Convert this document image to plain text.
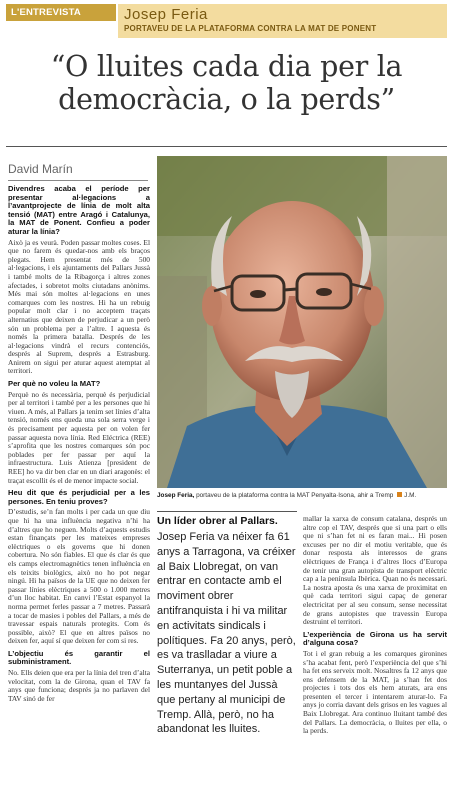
L'ENTREVISTA	Josep Feria
PORTAVEU DE LA PLATAFORMA CONTRA LA MAT DE PONENT
“O lluites cada dia per la democràcia, o la perds”
David Marín

Divendres acaba el període per presentar al·legacions a l’avantprojecte de línia de molt alta tensió (MAT) entre Aragó i Catalunya, la MAT de Ponent. Confieu a poder aturar la línia?

Això ja es veurà. Poden passar moltes coses. El que no farem és quedar-nos amb els braços plegats. Hem presentat més de 500 al·legacions, i els ajuntaments del Pallars Jussà i també molts de la Ribagorça i altres zones afectades, i sobretot molts ciutadans anònims. Més mai són moltes al·legacions en unes comarques com les nostres. Hi ha un rebuig popular molt clar i no acceptem traçats alternatius que deixen de perjudicar a un però són un problema per a l’altre. I aquesta és només la primera batalla. Després de les al·legacions vindrà el recurs contenciós, després al Suprem, després a Estrasburg. Anirem on sigui per aturar aquest atemptat al territori.

Per què no voleu la MAT?

Perquè no és necessària, perquè és perjudicial per al territori i també per a les persones que hi viuen. A més, al Pallars ja tenim set línies d’alta tensió, només ens queda una sola serra verge i és precisament per aquesta per on volen fer passar aquesta nova línia. Red Eléctrica (REE) s’aprofita que les nostres comarques són poc poblades per fer passar per aquí la infraestructura. Luis Atienza [president de REE] ho va dir ben clar en un diari aragonès: el traçat escollit és el de menor impacte social.

Heu dit que és perjudicial per a les persones. En teniu proves?

D’estudis, se’n fan molts i per cada un que diu que hi ha una influència negativa n’hi ha d’altres que ho neguen. Molts d’aquests estudis estan finançats per les mateixes empreses elèctriques o els governs que hi donen cobertura. No són fiables. El que és clar és que els camps electromagnètics tenen influència en els teixits biològics, això no ho pot negar ningú. Hi ha països de la UE que no deixen fer passar línies elèctriques a 500 o 1.000 metres d’un lloc habitat. En canvi l’Estat espanyol la norma permet ferles passar a 7 metres. Passarà a tocar de masies i pobles del Pallars, a més de travessar espais naturals protegits. Com és possible, això? El que en altres països no deixen fer, aquí sí que deixen fer com si res.

L’objectiu és garantir el subministrament.

No. Ells deien que era per la línia del tren d’alta velocitat, com la de Girona, quan el TAV fa anys que funciona; després ja no parlaven del TAV sinó de fer

Josep Feria, portaveu de la plataforma contra la MAT Penyalta·Isona, ahir a Tremp J.M.
Un líder obrer al Pallars.
Josep Feria va néixer fa 61 anys a Tarragona, va créixer al Baix Llobregat, on van entrar en contacte amb el moviment obrer antifranquista i hi va militar en activitats sindicals i polítiques. Fa 20 anys, però, es va traslladar a viure a Suterranya, un petit poble a les muntanyes del Jussà que pertany al municipi de Tremp. Allà, però, no ha abandonat les lluites.

mallar la xarxa de consum catalana, després un altre cop el TAV, després que si una part o ells que ni s’han fet ni es faran mai... Hi posen excuses per no dir el motiu veritable, que és donar resposta als interessos de grans elèctriques de França i d’altres llocs d’Europa de tenir una gran autopista de transport elèctric cap a la península Ibèrica. Quan no és necessari. La nostra aposta és una xarxa de proximitat en què cada territori sigui capaç de generar electricitat per al seu consum, sense necessitat de grans autopistes que travessin Europa destruint el territori.

L’experiència de Girona us ha servit d’alguna cosa?

Tot i el gran rebuig a les comarques gironines s’ha acabat fent, però l’experiència del que s’hi ha fet ens serveix molt. Nosaltres fa 12 anys que ens defensem de la MAT, ja s’han fet dos projectes i tots dos els hem aturats, ara ens presenten el tercer i intentarem aturar-lo. Fa anys jo corria davant dels grisos en les vagues al Baix Llobregat. Ara continuo lluitant també des del Pallars. La democràcia, o lluites per ella, o la perds.
